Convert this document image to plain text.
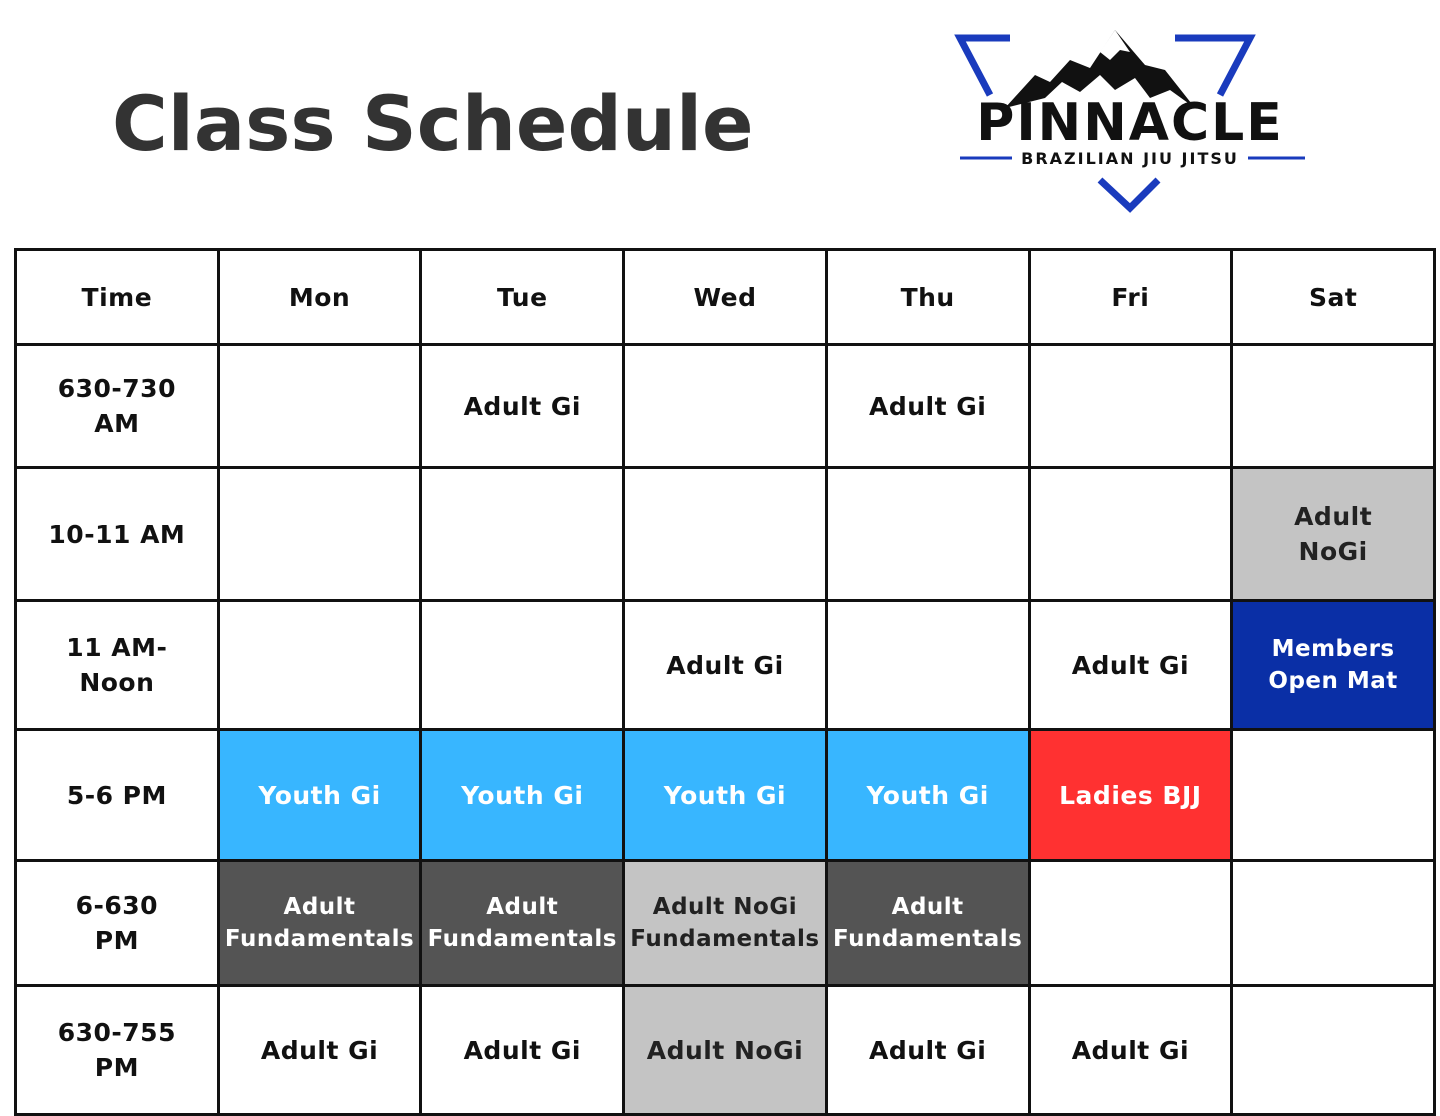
Class Schedule	PINNACLE
BRAZILIAN JIU JITSU
Time	Mon	Tue	Wed	Thu	Fri	Sat

630-730
AM		Adult Gi		Adult Gi		

10-11 AM						Adult
NoGi

11 AM-
Noon			Adult Gi		Adult Gi	Members
Open Mat

5-6 PM	Youth Gi	Youth Gi	Youth Gi	Youth Gi	Ladies BJJ	

6-630
PM	Adult
Fundamentals	Adult
Fundamentals	Adult NoGi
Fundamentals	Adult
Fundamentals		

630-755
PM	Adult Gi	Adult Gi	Adult NoGi	Adult Gi	Adult Gi	
